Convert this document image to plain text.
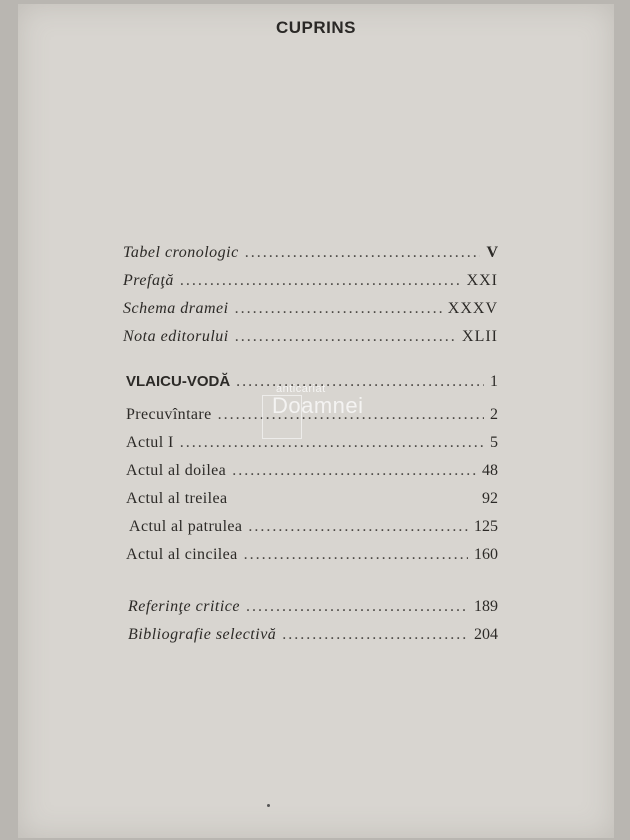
CUPRINS
Tabel cronologic . . .	V
Prefaţă . . .	XXI
Schema dramei . . .	XXXV
Nota editorului . . .	XLII
VLAICU-VODĂ . . .	1
Precuvîntare . . .	2
Actul I . . .	5
Actul al doilea . . .	48
Actul al treilea	92
Actul al patrulea . . .	125
Actul al cincilea . . .	160
Referinţe critice . . .	189
Bibliografie selectivă . . .	204
anticariat
Doamnei
